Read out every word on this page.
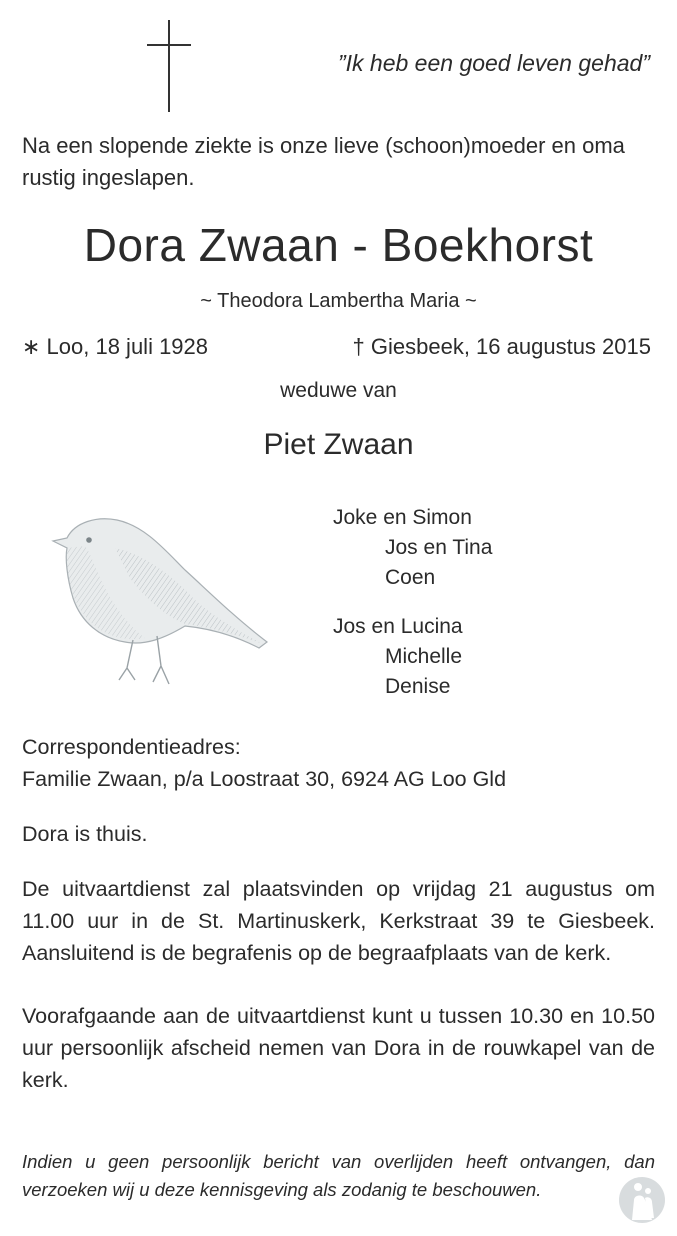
”Ik heb een goed leven gehad”
Na een slopende ziekte is onze lieve (schoon)moeder en oma rustig ingeslapen.
Dora Zwaan - Boekhorst
~ Theodora Lambertha Maria ~
∗ Loo, 18 juli 1928	† Giesbeek, 16 augustus 2015
weduwe van
Piet Zwaan
Joke en Simon
Jos en Tina
Coen
Jos en Lucina
Michelle
Denise
Correspondentieadres:
Familie Zwaan, p/a Loostraat 30, 6924 AG Loo Gld
Dora is thuis.
De uitvaartdienst zal plaatsvinden op vrijdag 21 augustus om 11.00 uur in de St. Martinuskerk, Kerkstraat 39 te Giesbeek. Aansluitend is de begrafenis op de begraafplaats van de kerk.
Voorafgaande aan de uitvaartdienst kunt u tussen 10.30 en 10.50 uur persoonlijk afscheid nemen van Dora in de rouwkapel van de kerk.
Indien u geen persoonlijk bericht van overlijden heeft ontvangen, dan verzoeken wij u deze kennisgeving als zodanig te beschouwen.
